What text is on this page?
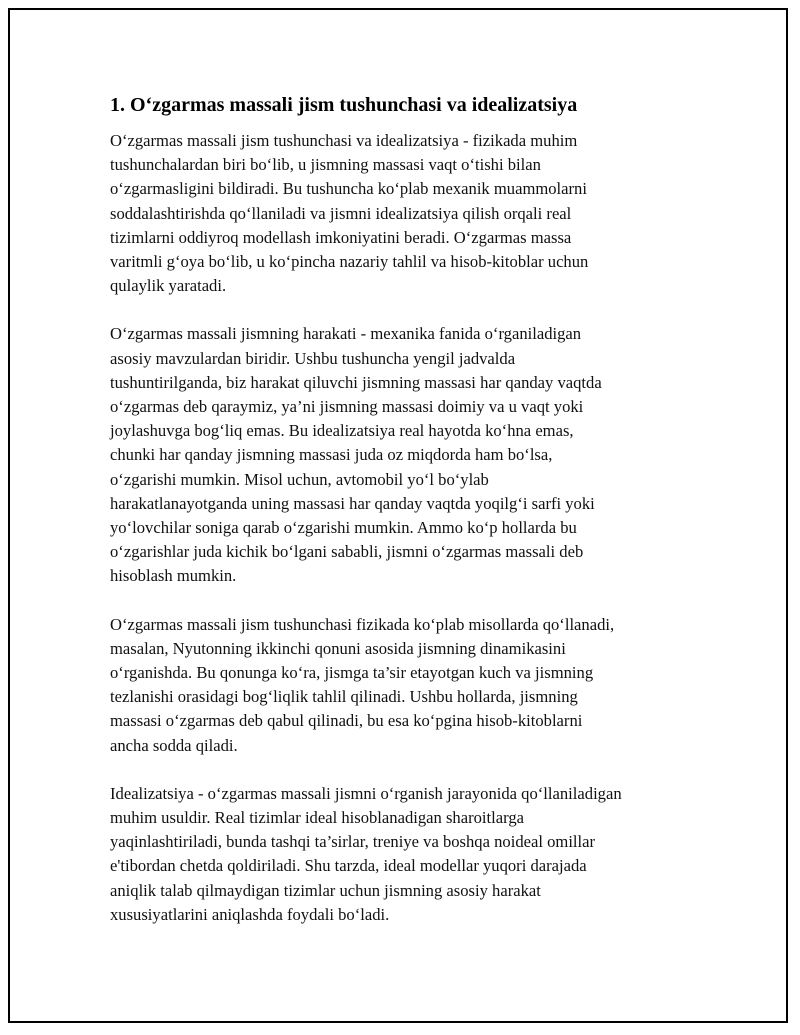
1. O‘zgarmas massali jism tushunchasi va idealizatsiya
O‘zgarmas massali jism tushunchasi va idealizatsiya - fizikada muhim
tushunchalardan biri bo‘lib, u jismning massasi vaqt o‘tishi bilan
o‘zgarmasligini bildiradi. Bu tushuncha ko‘plab mexanik muammolarni
soddalashtirishda qo‘llaniladi va jismni idealizatsiya qilish orqali real
tizimlarni oddiyroq modellash imkoniyatini beradi. O‘zgarmas massa
varitmli g‘oya bo‘lib, u ko‘pincha nazariy tahlil va hisob-kitoblar uchun
qulaylik yaratadi.
O‘zgarmas massali jismning harakati - mexanika fanida o‘rganiladigan
asosiy mavzulardan biridir. Ushbu tushuncha yengil jadvalda
tushuntirilganda, biz harakat qiluvchi jismning massasi har qanday vaqtda
o‘zgarmas deb qaraymiz, ya’ni jismning massasi doimiy va u vaqt yoki
joylashuvga bog‘liq emas. Bu idealizatsiya real hayotda ko‘hna emas,
chunki har qanday jismning massasi juda oz miqdorda ham bo‘lsa,
o‘zgarishi mumkin. Misol uchun, avtomobil yo‘l bo‘ylab
harakatlanayotganda uning massasi har qanday vaqtda yoqilg‘i sarfi yoki
yo‘lovchilar soniga qarab o‘zgarishi mumkin. Ammo ko‘p hollarda bu
o‘zgarishlar juda kichik bo‘lgani sababli, jismni o‘zgarmas massali deb
hisoblash mumkin.
O‘zgarmas massali jism tushunchasi fizikada ko‘plab misollarda qo‘llanadi,
masalan, Nyutonning ikkinchi qonuni asosida jismning dinamikasini
o‘rganishda. Bu qonunga ko‘ra, jismga ta’sir etayotgan kuch va jismning
tezlanishi orasidagi bog‘liqlik tahlil qilinadi. Ushbu hollarda, jismning
massasi o‘zgarmas deb qabul qilinadi, bu esa ko‘pgina hisob-kitoblarni
ancha sodda qiladi.
Idealizatsiya - o‘zgarmas massali jismni o‘rganish jarayonida qo‘llaniladigan
muhim usuldir. Real tizimlar ideal hisoblanadigan sharoitlarga
yaqinlashtiriladi, bunda tashqi ta’sirlar, treniye va boshqa noideal omillar
e'tibordan chetda qoldiriladi. Shu tarzda, ideal modellar yuqori darajada
aniqlik talab qilmaydigan tizimlar uchun jismning asosiy harakat
xususiyatlarini aniqlashda foydali bo‘ladi.
